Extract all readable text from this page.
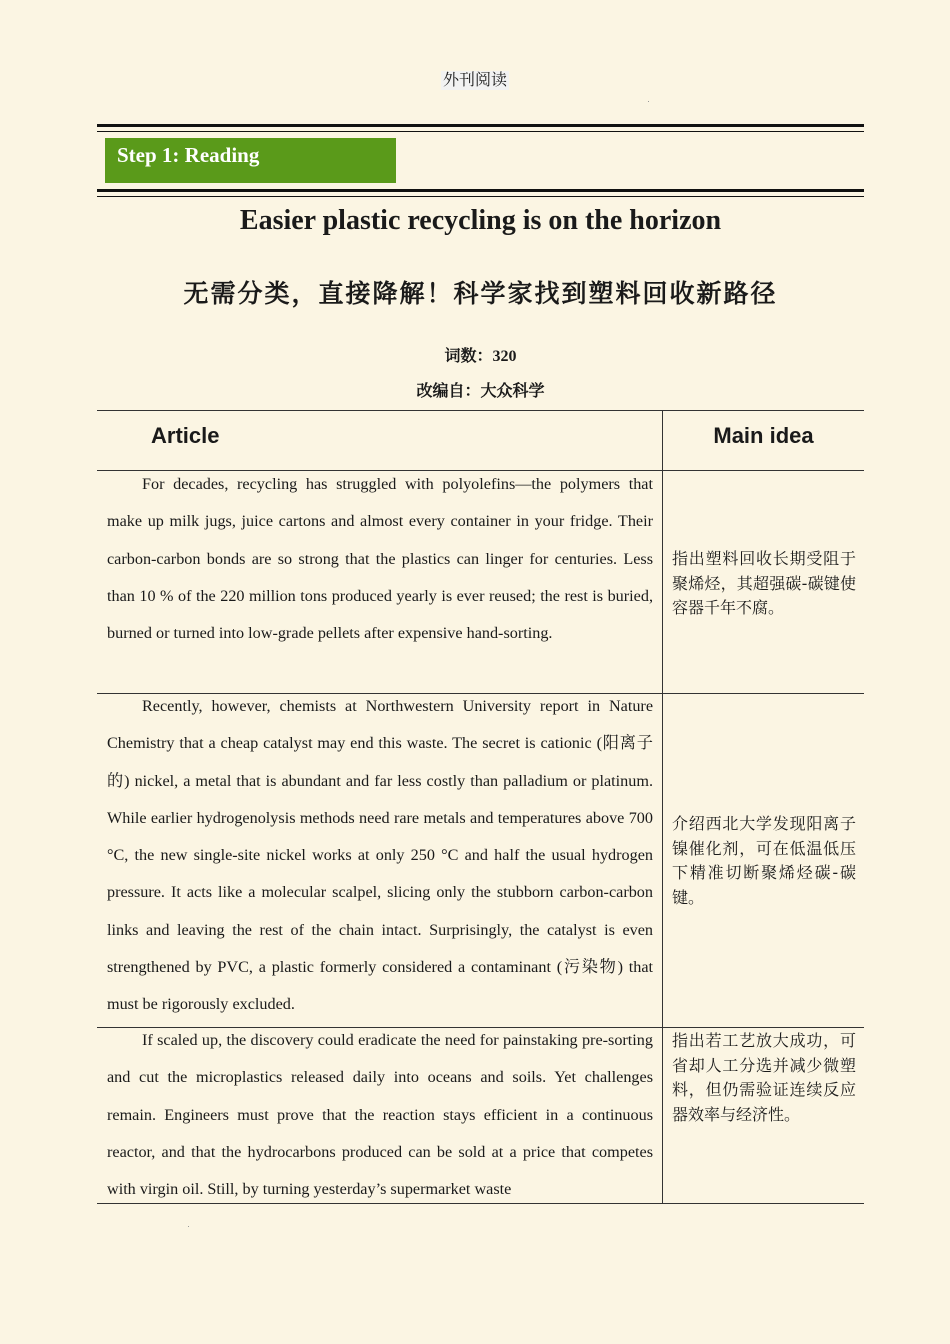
外刊阅读
Step 1: Reading
Easier plastic recycling is on the horizon
无需分类，直接降解！科学家找到塑料回收新路径
词数：320
改编自：大众科学
Article	Main idea
For decades, recycling has struggled with polyolefins—the polymers that make up milk jugs, juice cartons and almost every container in your fridge. Their carbon-carbon bonds are so strong that the plastics can linger for centuries. Less than 10 % of the 220 million tons produced yearly is ever reused; the rest is buried, burned or turned into low-grade pellets after expensive hand-sorting.
指出塑料回收长期受阻于聚烯烃，其超强碳-碳键使容器千年不腐。
Recently, however, chemists at Northwestern University report in Nature Chemistry that a cheap catalyst may end this waste. The secret is cationic (阳离子的) nickel, a metal that is abundant and far less costly than palladium or platinum. While earlier hydrogenolysis methods need rare metals and temperatures above 700 °C, the new single-site nickel works at only 250 °C and half the usual hydrogen pressure. It acts like a molecular scalpel, slicing only the stubborn carbon-carbon links and leaving the rest of the chain intact. Surprisingly, the catalyst is even strengthened by PVC, a plastic formerly considered a contaminant (污染物) that must be rigorously excluded.
介绍西北大学发现阳离子镍催化剂，可在低温低压下精准切断聚烯烃碳-碳键。
If scaled up, the discovery could eradicate the need for painstaking pre-sorting and cut the microplastics released daily into oceans and soils. Yet challenges remain. Engineers must prove that the reaction stays efficient in a continuous reactor, and that the hydrocarbons produced can be sold at a price that competes with virgin oil. Still, by turning yesterday’s supermarket waste
指出若工艺放大成功，可省却人工分选并减少微塑料，但仍需验证连续反应器效率与经济性。
